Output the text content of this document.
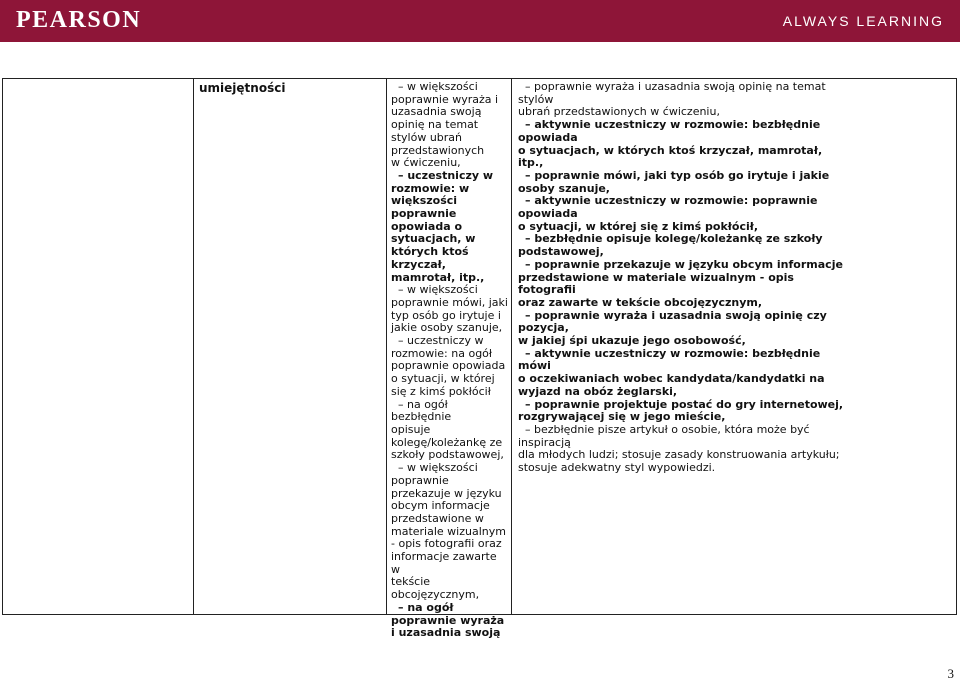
PEARSON	ALWAYS LEARNING
umiejętności	– w większości
poprawnie wyraża i
uzasadnia swoją
opinię na temat
stylów ubrań
przedstawionych
w ćwiczeniu,
– uczestniczy w
rozmowie: w
większości
poprawnie
opowiada o
sytuacjach, w
których ktoś
krzyczał,
mamrotał, itp.,
– w większości
poprawnie mówi, jaki
typ osób go irytuje i
jakie osoby szanuje,
– uczestniczy w
rozmowie: na ogół
poprawnie opowiada
o sytuacji, w której
się z kimś pokłócił
– na ogół bezbłędnie
opisuje
kolegę/koleżankę ze
szkoły podstawowej,
– w większości
poprawnie
przekazuje w języku
obcym informacje
przedstawione w
materiale wizualnym
- opis fotografii oraz
informacje zawarte w
tekście
obcojęzycznym,
– na ogół
poprawnie wyraża
i uzasadnia swoją
– poprawnie wyraża i uzasadnia swoją opinię na temat stylów
ubrań przedstawionych w ćwiczeniu,
– aktywnie uczestniczy w rozmowie: bezbłędnie
opowiada
o sytuacjach, w których ktoś krzyczał, mamrotał, itp.,
– poprawnie mówi, jaki typ osób go irytuje i jakie
osoby szanuje,
– aktywnie uczestniczy w rozmowie: poprawnie
opowiada
o sytuacji, w której się z kimś pokłócił,
– bezbłędnie opisuje kolegę/koleżankę ze szkoły
podstawowej,
– poprawnie przekazuje w języku obcym informacje
przedstawione w materiale wizualnym - opis fotografii
oraz zawarte w tekście obcojęzycznym,
– poprawnie wyraża i uzasadnia swoją opinię czy
pozycja,
w jakiej śpi ukazuje jego osobowość,
– aktywnie uczestniczy w rozmowie: bezbłędnie mówi
o oczekiwaniach wobec kandydata/kandydatki na
wyjazd na obóz żeglarski,
– poprawnie projektuje postać do gry internetowej,
rozgrywającej się w jego mieście,
– bezbłędnie pisze artykuł o osobie, która może być inspiracją
dla młodych ludzi; stosuje zasady konstruowania artykułu;
stosuje adekwatny styl wypowiedzi.
3
